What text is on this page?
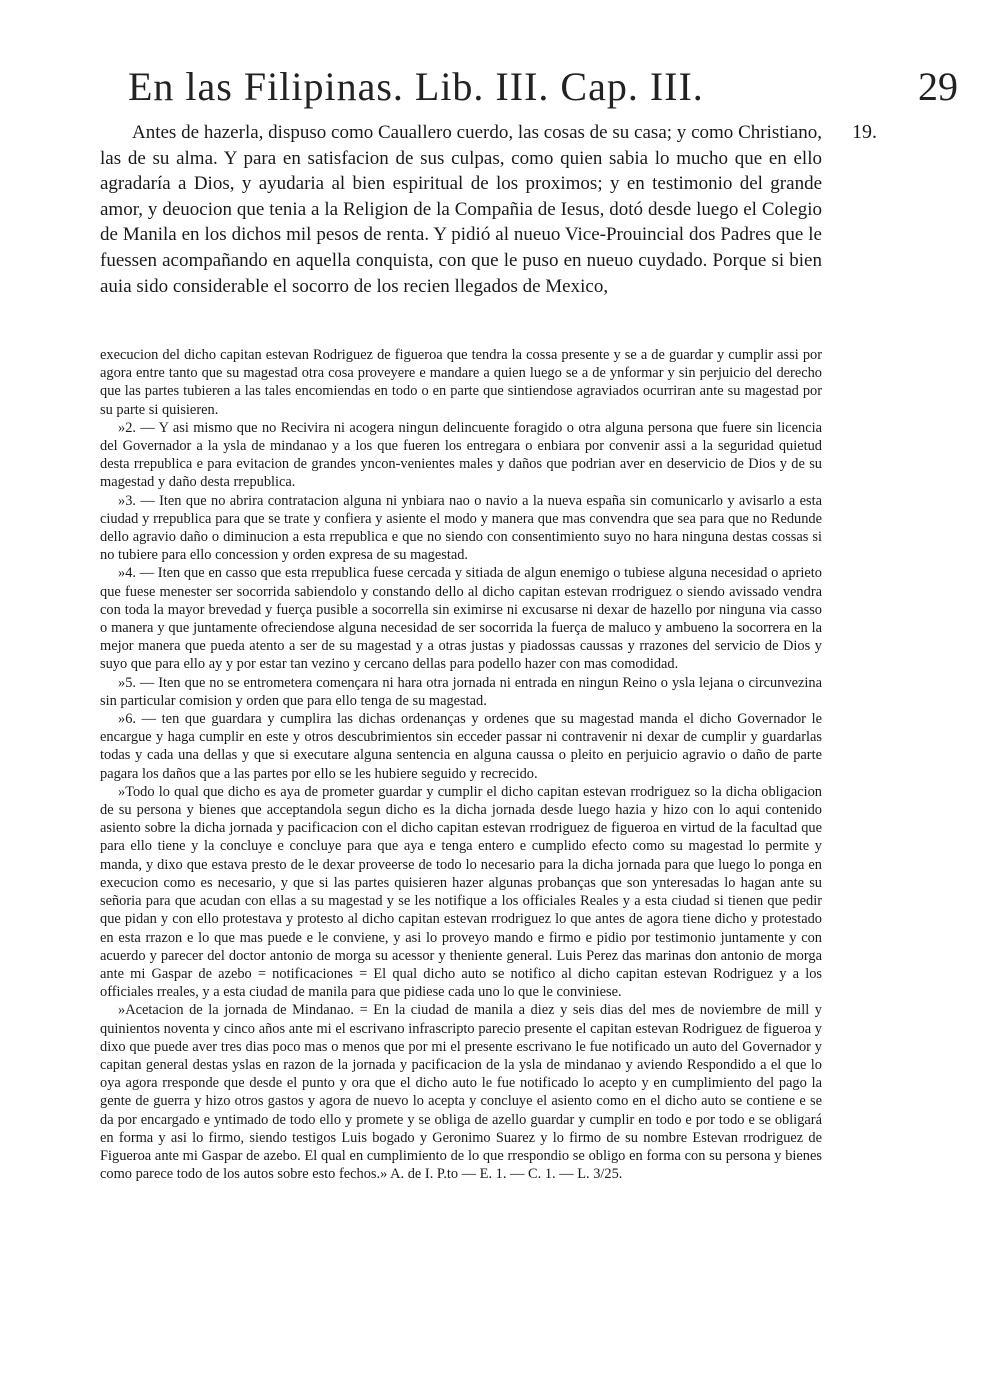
En las Filipinas. Lib. III. Cap. III.	29
19.

Antes de hazerla, dispuso como Cauallero cuerdo, las cosas de su casa; y como Christiano, las de su alma. Y para en satisfacion de sus culpas, como quien sabia lo mucho que en ello agradaría a Dios, y ayudaria al bien espiritual de los proximos; y en testimonio del grande amor, y deuocion que tenia a la Religion de la Compañia de Iesus, dotó desde luego el Colegio de Manila en los dichos mil pesos de renta. Y pidió al nueuo Vice-Prouincial dos Padres que le fuessen acompañando en aquella conquista, con que le puso en nueuo cuydado. Porque si bien auia sido considerable el socorro de los recien llegados de Mexico,

execucion del dicho capitan estevan Rodriguez de figueroa que tendra la cossa presente y se a de guardar y cumplir assi por agora entre tanto que su magestad otra cosa proveyere e mandare a quien luego se a de ynformar y sin perjuicio del derecho que las partes tubieren a las tales encomiendas en todo o en parte que sintiendose agraviados ocurriran ante su magestad por su parte si quisieren.

»2. — Y asi mismo que no Recivira ni acogera ningun delincuente foragido o otra alguna persona que fuere sin licencia del Governador a la ysla de mindanao y a los que fueren los entregara o enbiara por convenir assi a la seguridad quietud desta rrepublica e para evitacion de grandes yncon-venientes males y daños que podrian aver en deservicio de Dios y de su magestad y daño desta rrepublica.

»3. — Iten que no abrira contratacion alguna ni ynbiara nao o navio a la nueva españa sin comunicarlo y avisarlo a esta ciudad y rrepublica para que se trate y confiera y asiente el modo y manera que mas convendra que sea para que no Redunde dello agravio daño o diminucion a esta rrepublica e que no siendo con consentimiento suyo no hara ninguna destas cossas si no tubiere para ello concession y orden expresa de su magestad.

»4. — Iten que en casso que esta rrepublica fuese cercada y sitiada de algun enemigo o tubiese alguna necesidad o aprieto que fuese menester ser socorrida sabiendolo y constando dello al dicho capitan estevan rrodriguez o siendo avissado vendra con toda la mayor brevedad y fuerça pusible a socorrella sin eximirse ni excusarse ni dexar de hazello por ninguna via casso o manera y que juntamente ofreciendose alguna necesidad de ser socorrida la fuerça de maluco y ambueno la socorrera en la mejor manera que pueda atento a ser de su magestad y a otras justas y piadossas caussas y rrazones del servicio de Dios y suyo que para ello ay y por estar tan vezino y cercano dellas para podello hazer con mas comodidad.

»5. — Iten que no se entrometera començara ni hara otra jornada ni entrada en ningun Reino o ysla lejana o circunvezina sin particular comision y orden que para ello tenga de su magestad.

»6. — ten que guardara y cumplira las dichas ordenanças y ordenes que su magestad manda el dicho Governador le encargue y haga cumplir en este y otros descubrimientos sin ecceder passar ni contravenir ni dexar de cumplir y guardarlas todas y cada una dellas y que si executare alguna sentencia en alguna caussa o pleito en perjuicio agravio o daño de parte pagara los daños que a las partes por ello se les hubiere seguido y recrecido.

»Todo lo qual que dicho es aya de prometer guardar y cumplir el dicho capitan estevan rrodriguez so la dicha obligacion de su persona y bienes que acceptandola segun dicho es la dicha jornada desde luego hazia y hizo con lo aqui contenido asiento sobre la dicha jornada y pacificacion con el dicho capitan estevan rrodriguez de figueroa en virtud de la facultad que para ello tiene y la concluye e concluye para que aya e tenga entero e cumplido efecto como su magestad lo permite y manda, y dixo que estava presto de le dexar proveerse de todo lo necesario para la dicha jornada para que luego lo ponga en execucion como es necesario, y que si las partes quisieren hazer algunas probanças que son ynteresadas lo hagan ante su señoria para que acudan con ellas a su magestad y se les notifique a los officiales Reales y a esta ciudad si tienen que pedir que pidan y con ello protestava y protesto al dicho capitan estevan rrodriguez lo que antes de agora tiene dicho y protestado en esta rrazon e lo que mas puede e le conviene, y asi lo proveyo mando e firmo e pidio por testimonio juntamente y con acuerdo y parecer del doctor antonio de morga su acessor y theniente general. Luis Perez das marinas don antonio de morga ante mi Gaspar de azebo = notificaciones = El qual dicho auto se notifico al dicho capitan estevan Rodriguez y a los officiales rreales, y a esta ciudad de manila para que pidiese cada uno lo que le conviniese.

»Acetacion de la jornada de Mindanao. = En la ciudad de manila a diez y seis dias del mes de noviembre de mill y quinientos noventa y cinco años ante mi el escrivano infrascripto parecio presente el capitan estevan Rodriguez de figueroa y dixo que puede aver tres dias poco mas o menos que por mi el presente escrivano le fue notificado un auto del Governador y capitan general destas yslas en razon de la jornada y pacificacion de la ysla de mindanao y aviendo Respondido a el que lo oya agora rresponde que desde el punto y ora que el dicho auto le fue notificado lo acepto y en cumplimiento del pago la gente de guerra y hizo otros gastos y agora de nuevo lo acepta y concluye el asiento como en el dicho auto se contiene e se da por encargado e yntimado de todo ello y promete y se obliga de azello guardar y cumplir en todo e por todo e se obligará en forma y asi lo firmo, siendo testigos Luis bogado y Geronimo Suarez y lo firmo de su nombre Estevan rrodriguez de Figueroa ante mi Gaspar de azebo. El qual en cumplimiento de lo que rrespondio se obligo en forma con su persona y bienes como parece todo de los autos sobre esto fechos.» A. de I. P.to — E. 1. — C. 1. — L. 3/25.
